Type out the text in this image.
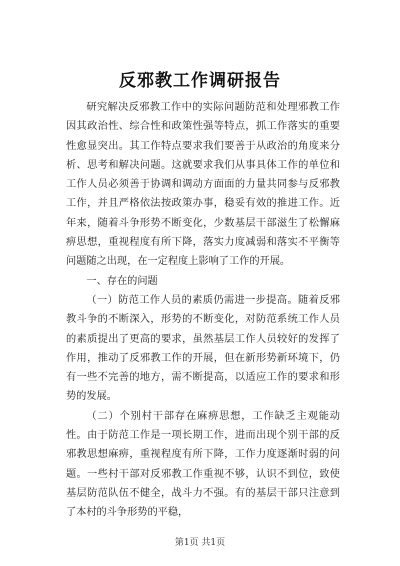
反邪教工作调研报告

研究解决反邪教工作中的实际问题防范和处理邪教工作因其政治性、综合性和政策性强等特点，抓工作落实的重要性愈显突出。其工作特点要求我们要善于从政治的角度来分析、思考和解决问题。这就要求我们从事具体工作的单位和工作人员必须善于协调和调动方面面的力量共同参与反邪教工作，并且严格依法按政策办事，稳妥有效的推进工作。近年来，随着斗争形势不断变化，少数基层干部滋生了松懈麻痹思想，重视程度有所下降，落实力度减弱和落实不平衡等问题随之出现，在一定程度上影响了工作的开展。

一、存在的问题

（一）防范工作人员的素质仍需进一步提高。随着反邪教斗争的不断深入，形势的不断变化，对防范系统工作人员的素质提出了更高的要求，虽然基层工作人员较好的发挥了作用，推动了反邪教工作的开展，但在新形势新环境下，仍有一些不完善的地方，需不断提高，以适应工作的要求和形势的发展。

（二）个别村干部存在麻痹思想，工作缺乏主观能动性。由于防范工作是一项长期工作，进而出现个别干部的反邪教思想麻痹，重视程度有所下降，工作力度逐渐时弱的问题。一些村干部对反邪教工作重视不够，认识不到位，致使基层防范队伍不健全，战斗力不强。有的基层干部只注意到了本村的斗争形势的平稳，

第1页 共1页
